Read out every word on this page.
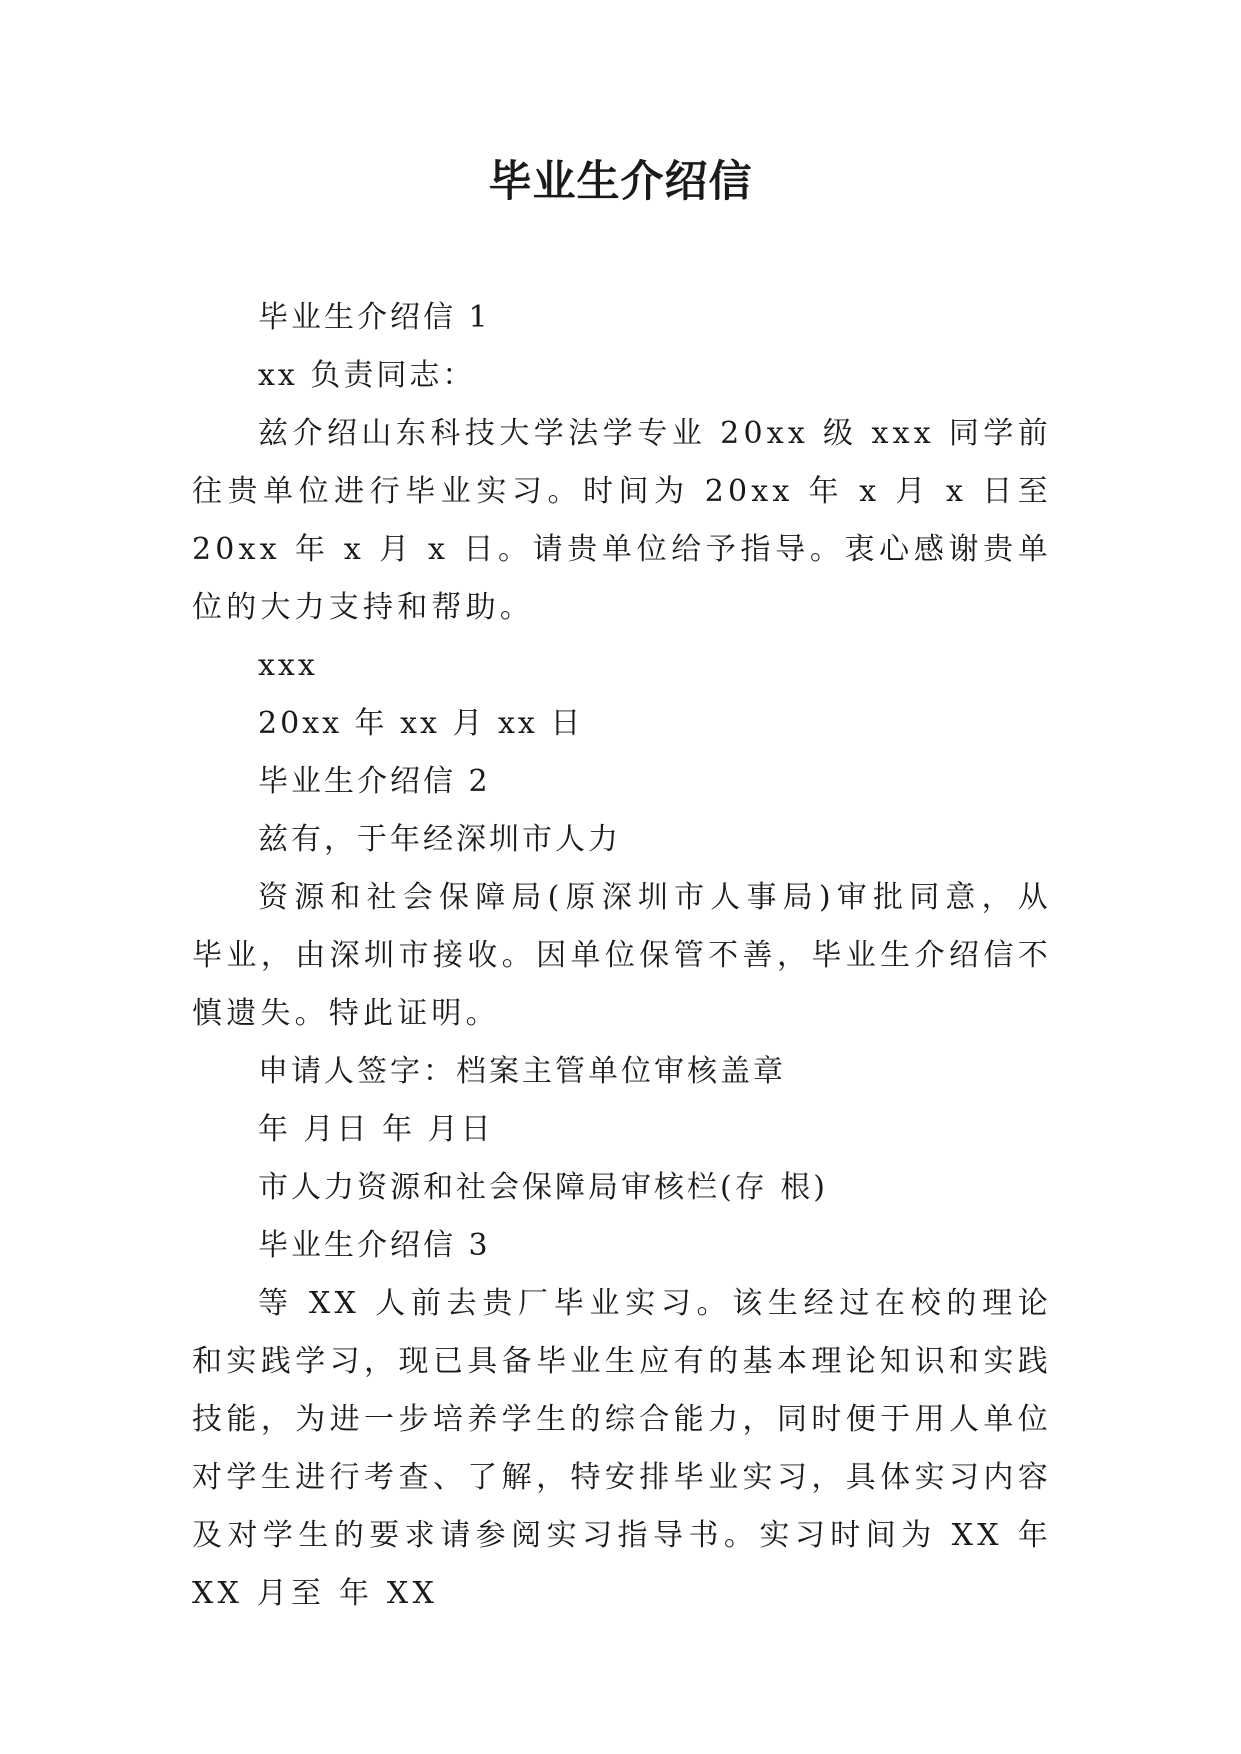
毕业生介绍信

毕业生介绍信 1

xx 负责同志：

兹介绍山东科技大学法学专业 20xx 级 xxx 同学前往贵单位进行毕业实习。时间为 20xx 年 x 月 x 日至 20xx 年 x 月 x 日。请贵单位给予指导。衷心感谢贵单位的大力支持和帮助。

xxx

20xx 年 xx 月 xx 日

毕业生介绍信 2

兹有，于年经深圳市人力

资源和社会保障局(原深圳市人事局)审批同意，从 毕业，由深圳市接收。因单位保管不善，毕业生介绍信不慎遗失。特此证明。

申请人签字：档案主管单位审核盖章

年 月日 年 月日

市人力资源和社会保障局审核栏(存 根)

毕业生介绍信 3

等 XX 人前去贵厂毕业实习。该生经过在校的理论和实践学习，现已具备毕业生应有的基本理论知识和实践技能，为进一步培养学生的综合能力，同时便于用人单位对学生进行考查、了解，特安排毕业实习，具体实习内容及对学生的要求请参阅实习指导书。实习时间为 XX 年 XX 月至 年 XX
